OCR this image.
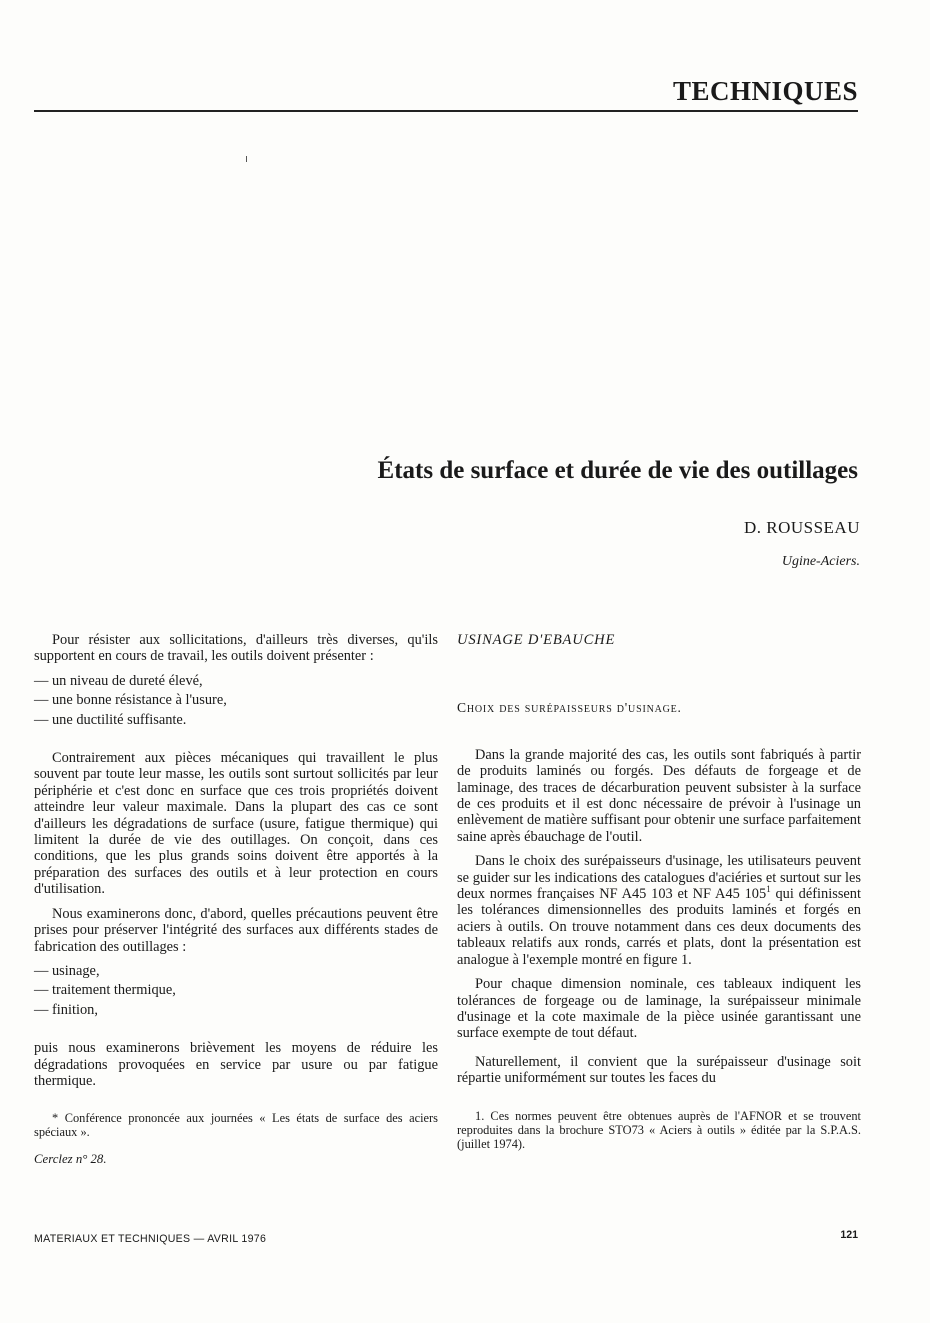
TECHNIQUES
États de surface et durée de vie des outillages
D. ROUSSEAU
Ugine-Aciers.

Pour résister aux sollicitations, d'ailleurs très diverses, qu'ils supportent en cours de travail, les outils doivent présenter :

— un niveau de dureté élevé,
— une bonne résistance à l'usure,
— une ductilité suffisante.

Contrairement aux pièces mécaniques qui travaillent le plus souvent par toute leur masse, les outils sont surtout sollicités par leur périphérie et c'est donc en surface que ces trois propriétés doivent atteindre leur valeur maximale. Dans la plupart des cas ce sont d'ailleurs les dégradations de surface (usure, fatigue thermique) qui limitent la durée de vie des outillages. On conçoit, dans ces conditions, que les plus grands soins doivent être apportés à la préparation des surfaces des outils et à leur protection en cours d'utilisation.

Nous examinerons donc, d'abord, quelles précautions peuvent être prises pour préserver l'intégrité des surfaces aux différents stades de fabrication des outillages :

— usinage,
— traitement thermique,
— finition,

puis nous examinerons brièvement les moyens de réduire les dégradations provoquées en service par usure ou par fatigue thermique.

* Conférence prononcée aux journées « Les états de surface des aciers spéciaux ».

Cerclez n° 28.

USINAGE D'EBAUCHE

Choix des surépaisseurs d'usinage.

Dans la grande majorité des cas, les outils sont fabriqués à partir de produits laminés ou forgés. Des défauts de forgeage et de laminage, des traces de décarburation peuvent subsister à la surface de ces produits et il est donc nécessaire de prévoir à l'usinage un enlèvement de matière suffisant pour obtenir une surface parfaitement saine après ébauchage de l'outil.

Dans le choix des surépaisseurs d'usinage, les utilisateurs peuvent se guider sur les indications des catalogues d'aciéries et surtout sur les deux normes françaises NF A45 103 et NF A45 $105^1$ qui définissent les tolérances dimensionnelles des produits laminés et forgés en aciers à outils. On trouve notamment dans ces deux documents des tableaux relatifs aux ronds, carrés et plats, dont la présentation est analogue à l'exemple montré en figure 1.

Pour chaque dimension nominale, ces tableaux indiquent les tolérances de forgeage ou de laminage, la surépaisseur minimale d'usinage et la cote maximale de la pièce usinée garantissant une surface exempte de tout défaut.

Naturellement, il convient que la surépaisseur d'usinage soit répartie uniformément sur toutes les faces du

1. Ces normes peuvent être obtenues auprès de l'AFNOR et se trouvent reproduites dans la brochure STO73 « Aciers à outils » éditée par la S.P.A.S. (juillet 1974).

MATERIAUX ET TECHNIQUES — AVRIL 1976	121
